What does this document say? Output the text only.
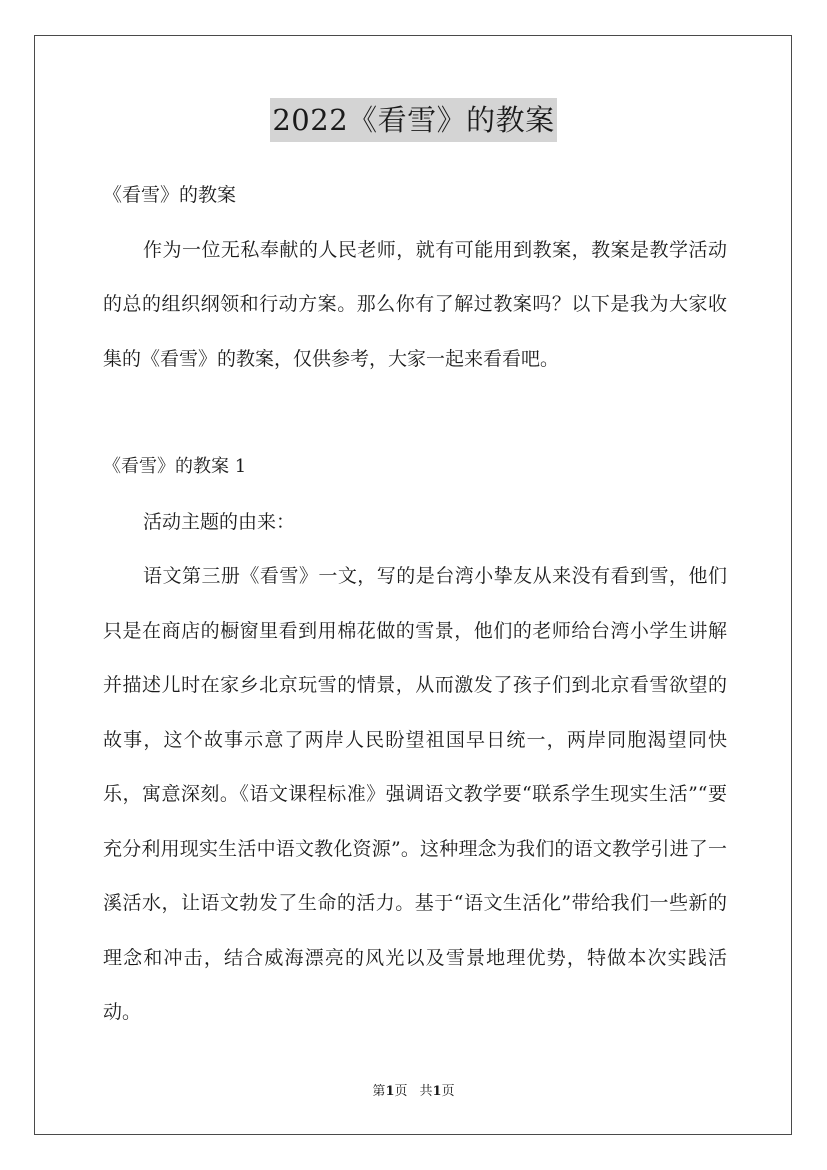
2022《看雪》的教案

《看雪》的教案

作为一位无私奉献的人民老师，就有可能用到教案，教案是教学活动的总的组织纲领和行动方案。那么你有了解过教案吗？以下是我为大家收集的《看雪》的教案，仅供参考，大家一起来看看吧。

《看雪》的教案 1

活动主题的由来：

语文第三册《看雪》一文，写的是台湾小挚友从来没有看到雪，他们只是在商店的橱窗里看到用棉花做的雪景，他们的老师给台湾小学生讲解并描述儿时在家乡北京玩雪的情景，从而激发了孩子们到北京看雪欲望的故事，这个故事示意了两岸人民盼望祖国早日统一，两岸同胞渴望同快乐，寓意深刻。《语文课程标准》强调语文教学要“联系学生现实生活”“要充分利用现实生活中语文教化资源”。这种理念为我们的语文教学引进了一溪活水，让语文勃发了生命的活力。基于“语文生活化”带给我们一些新的理念和冲击，结合威海漂亮的风光以及雪景地理优势，特做本次实践活动。

第1页 共1页
